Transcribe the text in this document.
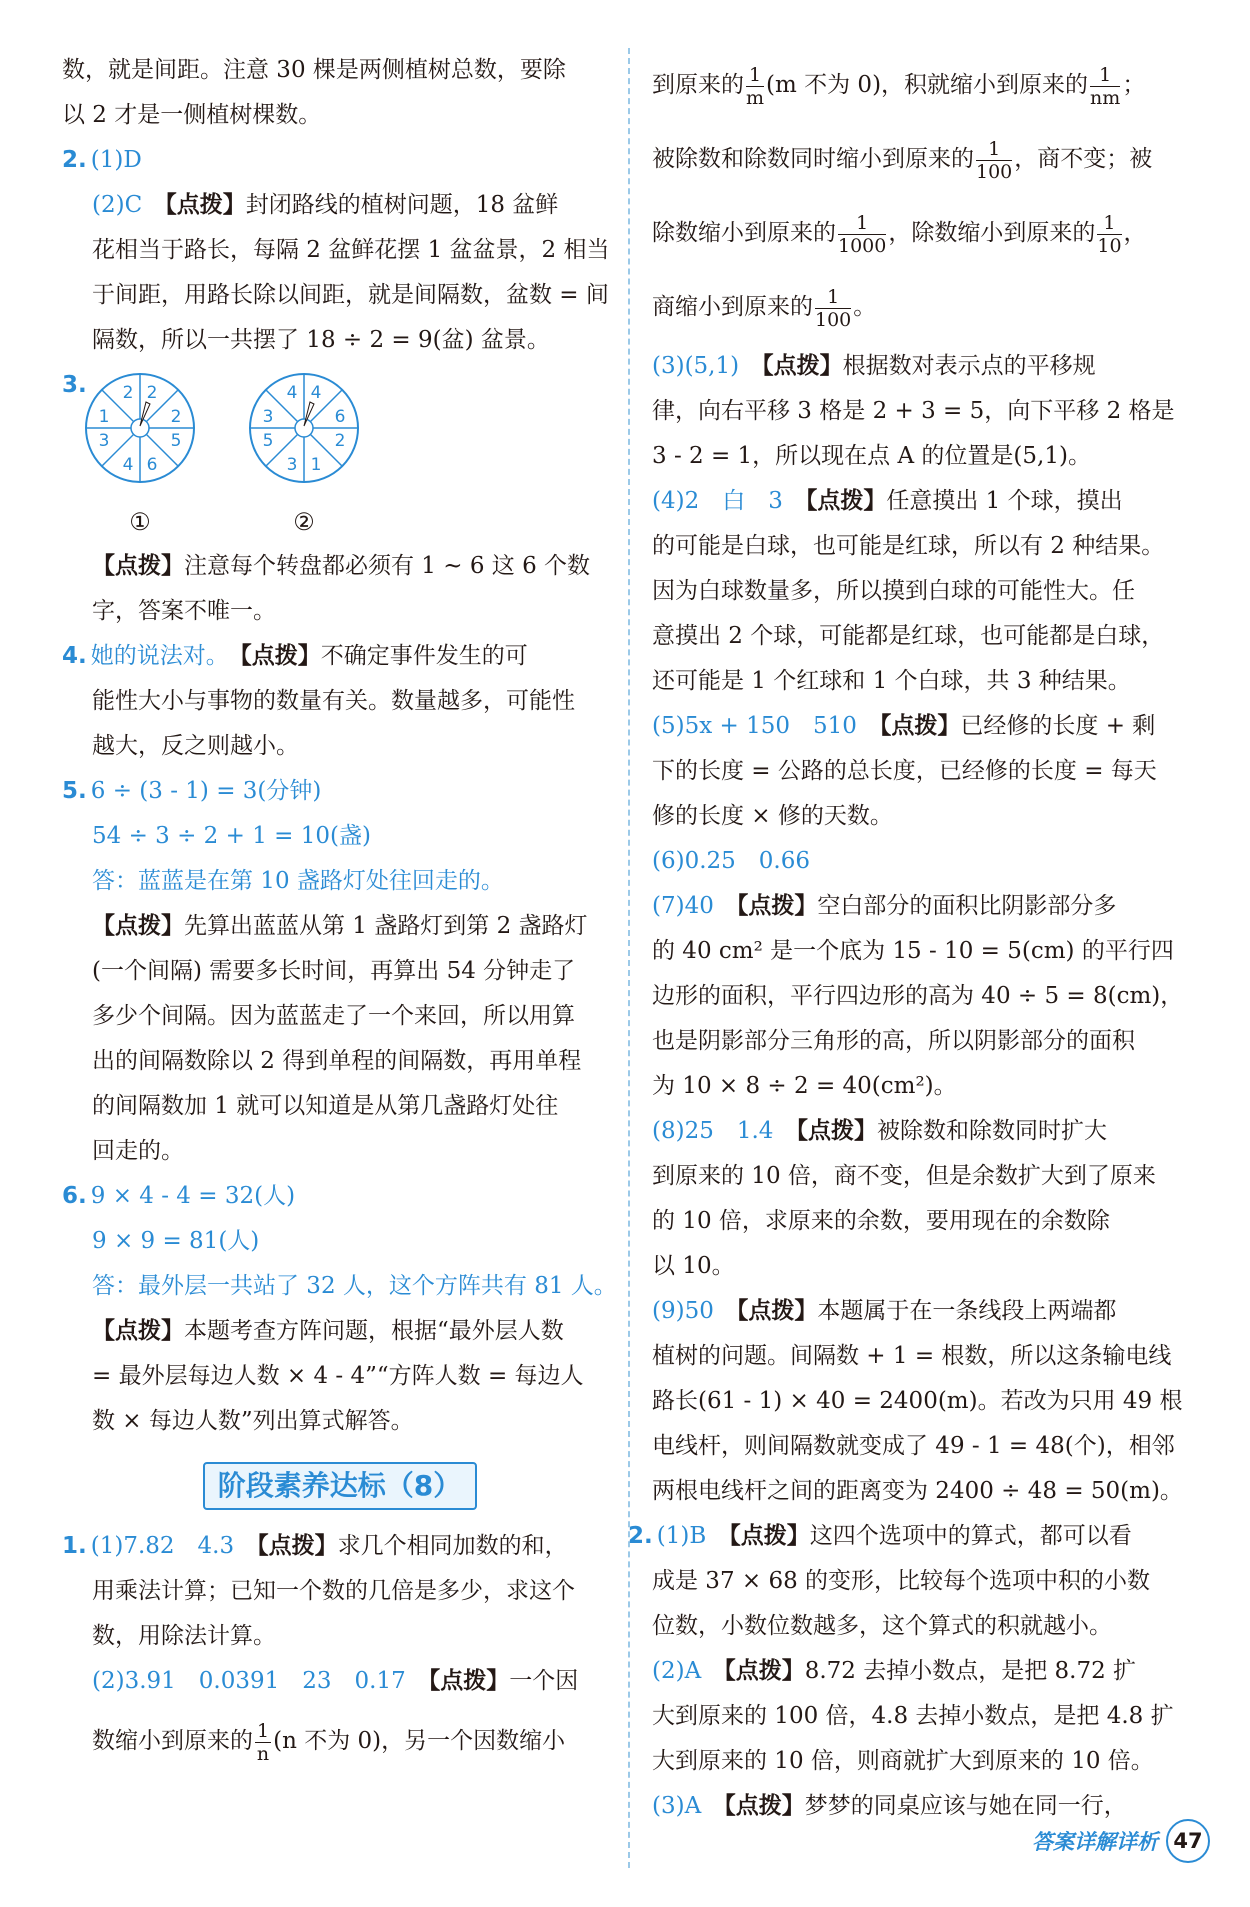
数，就是间距。注意 30 棵是两侧植树总数，要除

以 2 才是一侧植树棵数。

2. (1)D

(2)C　 【点拨】封闭路线的植树问题，18 盆鲜

花相当于路长，每隔 2 盆鲜花摆 1 盆盆景，2 相当

于间距，用路长除以间距，就是间隔数，盆数 = 间

隔数，所以一共摆了 18 ÷ 2 = 9(盆) 盆景。

3.	2 2
2
5
6
4
3
1
①
4 4
6
2
1
3
5
3
②

【点拨】注意每个转盘都必须有 1 ~ 6 这 6 个数

字，答案不唯一。

4. 她的说法对。　 【点拨】不确定事件发生的可

能性大小与事物的数量有关。数量越多，可能性

越大，反之则越小。

5. 6 ÷ (3 - 1) = 3(分钟)

54 ÷ 3 ÷ 2 + 1 = 10(盏)

答：蓝蓝是在第 10 盏路灯处往回走的。

【点拨】先算出蓝蓝从第 1 盏路灯到第 2 盏路灯

(一个间隔) 需要多长时间，再算出 54 分钟走了

多少个间隔。因为蓝蓝走了一个来回，所以用算

出的间隔数除以 2 得到单程的间隔数，再用单程

的间隔数加 1 就可以知道是从第几盏路灯处往

回走的。

6. 9 × 4 - 4 = 32(人)

9 × 9 = 81(人)

答：最外层一共站了 32 人，这个方阵共有 81 人。

【点拨】本题考查方阵问题，根据“最外层人数

= 最外层每边人数 × 4 - 4”“方阵人数 = 每边人

数 × 每边人数”列出算式解答。

阶段素养达标（8）

1. (1)7.82　4.3　 【点拨】求几个相同加数的和，

用乘法计算；已知一个数的几倍是多少，求这个

数，用除法计算。

(2)3.91　0.0391　23　0.17　 【点拨】一个因

数缩小到原来的 $\frac{1}{n} (n$ 不为 0)，另一个因数缩小

到原来的 $\frac{1}{m} (m$ 不为 0)，积就缩小到原来的 $\frac{1}{nm}$ ；

被除数和除数同时缩小到原来的 $\frac{1}{100}$ ，商不变；被

除数缩小到原来的 $\frac{1}{1000}$ ，除数缩小到原来的 $\frac{1}{10}$ ，

商缩小到原来的 $\frac{1}{100}$ 。

(3)(5,1)　 【点拨】根据数对表示点的平移规

律，向右平移 3 格是 2 + 3 = 5，向下平移 2 格是

3 - 2 = 1，所以现在点 A 的位置是(5,1)。

(4)2　白　3　 【点拨】任意摸出 1 个球，摸出

的可能是白球，也可能是红球，所以有 2 种结果。

因为白球数量多，所以摸到白球的可能性大。任

意摸出 2 个球，可能都是红球，也可能都是白球，

还可能是 1 个红球和 1 个白球，共 3 种结果。

(5)5x + 150　510　 【点拨】已经修的长度 + 剩

下的长度 = 公路的总长度，已经修的长度 = 每天

修的长度 × 修的天数。

(6)0.25　0.66

(7)40　 【点拨】空白部分的面积比阴影部分多

的 40 cm² 是一个底为 15 - 10 = 5(cm) 的平行四

边形的面积，平行四边形的高为 40 ÷ 5 = 8(cm)，

也是阴影部分三角形的高，所以阴影部分的面积

为 10 × 8 ÷ 2 = 40(cm²)。

(8)25　1.4　 【点拨】被除数和除数同时扩大

到原来的 10 倍，商不变，但是余数扩大到了原来

的 10 倍，求原来的余数，要用现在的余数除

以 10。

(9)50　 【点拨】本题属于在一条线段上两端都

植树的问题。间隔数 + 1 = 根数，所以这条输电线

路长(61 - 1) × 40 = 2400(m)。若改为只用 49 根

电线杆，则间隔数就变成了 49 - 1 = 48(个)，相邻

两根电线杆之间的距离变为 2400 ÷ 48 = 50(m)。

2. (1)B　 【点拨】这四个选项中的算式，都可以看

成是 37 × 68 的变形，比较每个选项中积的小数

位数，小数位数越多，这个算式的积就越小。

(2)A　 【点拨】8.72 去掉小数点，是把 8.72 扩

大到原来的 100 倍，4.8 去掉小数点，是把 4.8 扩

大到原来的 10 倍，则商就扩大到原来的 10 倍。

(3)A　 【点拨】梦梦的同桌应该与她在同一行，

答案详解详析 47
